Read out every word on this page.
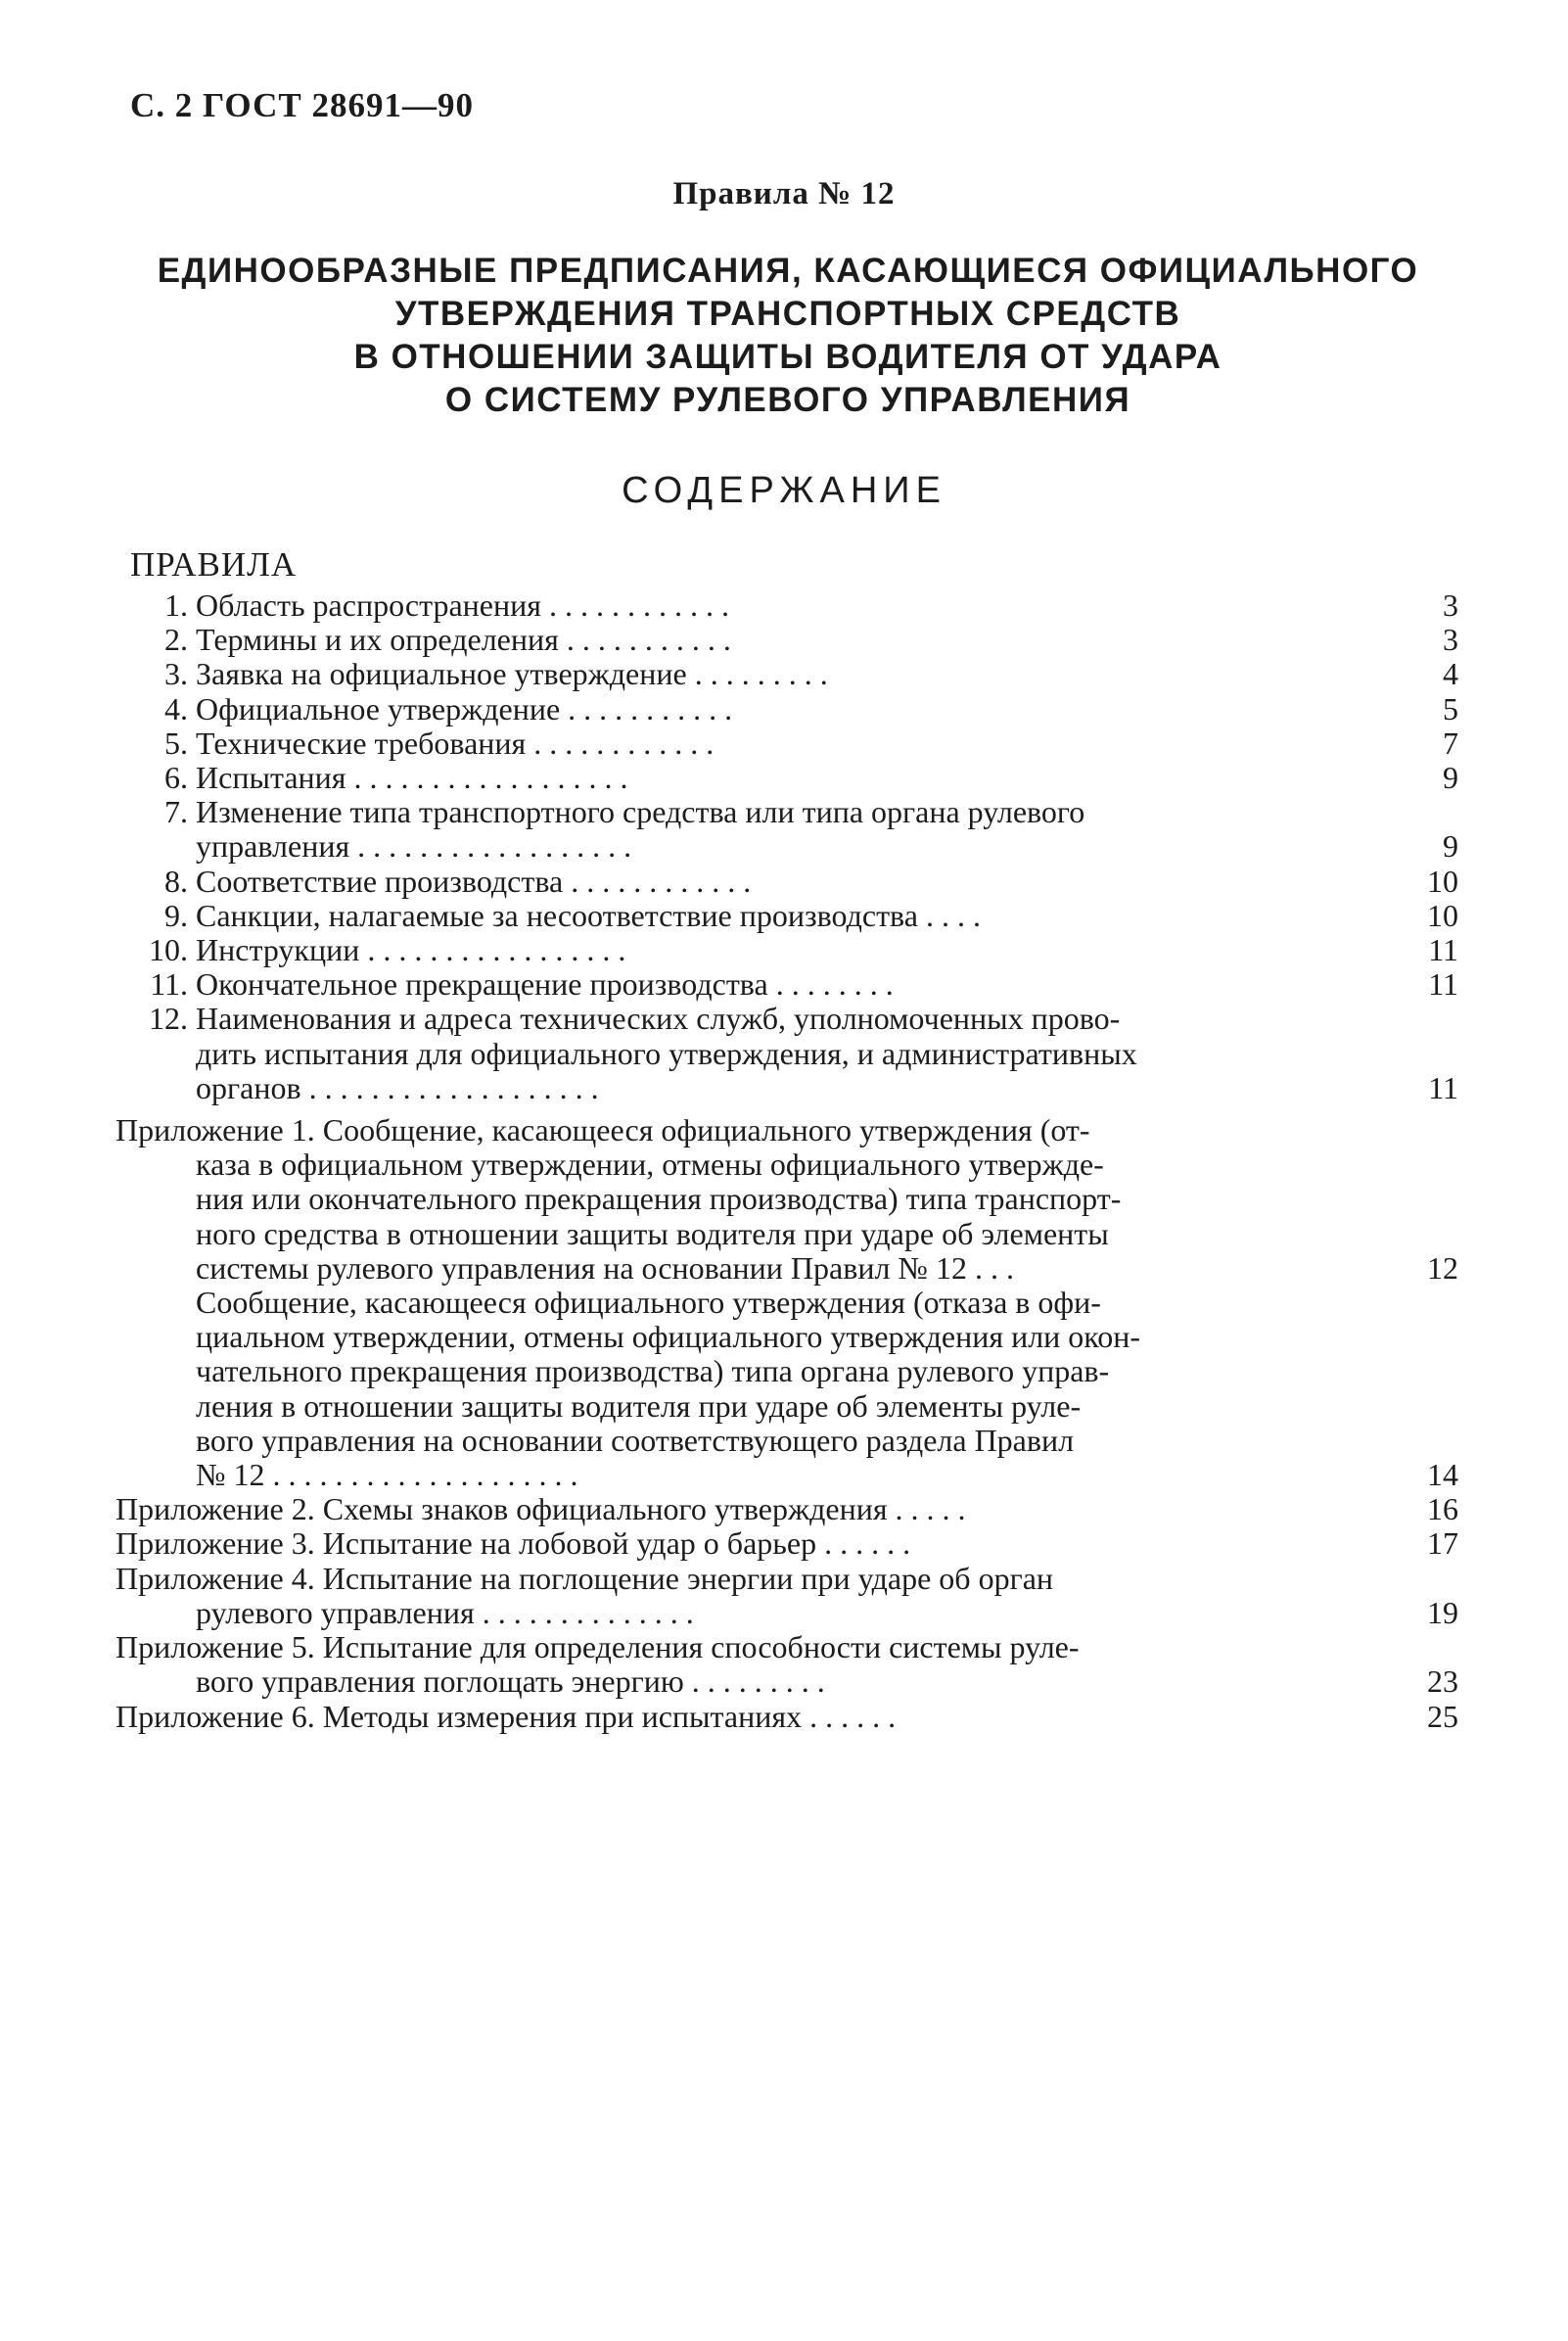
С. 2 ГОСТ 28691—90
Правила № 12
ЕДИНООБРАЗНЫЕ ПРЕДПИСАНИЯ, КАСАЮЩИЕСЯ ОФИЦИАЛЬНОГО
УТВЕРЖДЕНИЯ ТРАНСПОРТНЫХ СРЕДСТВ
В ОТНОШЕНИИ ЗАЩИТЫ ВОДИТЕЛЯ ОТ УДАРА
О СИСТЕМУ РУЛЕВОГО УПРАВЛЕНИЯ
СОДЕРЖАНИЕ
ПРАВИЛА
1. Область распространения . . . . . . . . . . . .	3
2. Термины и их определения . . . . . . . . . . .	3
3. Заявка на официальное утверждение . . . . . . . . .	4
4. Официальное утверждение . . . . . . . . . . .	5
5. Технические требования . . . . . . . . . . . .	7
6. Испытания . . . . . . . . . . . . . . . . . .	9
7. Изменение типа транспортного средства или типа органа рулевого
управления . . . . . . . . . . . . . . . . . .	9
8. Соответствие производства . . . . . . . . . . . .	10
9. Санкции, налагаемые за несоответствие производства . . . .	10
10. Инструкции . . . . . . . . . . . . . . . . .	11
11. Окончательное прекращение производства . . . . . . . .	11
12. Наименования и адреса технических служб, уполномоченных прово-
дить испытания для официального утверждения, и административных
органов . . . . . . . . . . . . . . . . . . .	11
Приложение 1. Сообщение, касающееся официального утверждения (от-
каза в официальном утверждении, отмены официального утвержде-
ния или окончательного прекращения производства) типа транспорт-
ного средства в отношении защиты водителя при ударе об элементы
системы рулевого управления на основании Правил № 12 . . .	12
Сообщение, касающееся официального утверждения (отказа в офи-
циальном утверждении, отмены официального утверждения или окон-
чательного прекращения производства) типа органа рулевого управ-
ления в отношении защиты водителя при ударе об элементы руле-
вого управления на основании соответствующего раздела Правил
№ 12 . . . . . . . . . . . . . . . . . . . .	14
Приложение 2. Схемы знаков официального утверждения . . . . .	16
Приложение 3. Испытание на лобовой удар о барьер . . . . . .	17
Приложение 4. Испытание на поглощение энергии при ударе об орган
рулевого управления . . . . . . . . . . . . . .	19
Приложение 5. Испытание для определения способности системы руле-
вого управления поглощать энергию . . . . . . . . .	23
Приложение 6. Методы измерения при испытаниях . . . . . .	25
